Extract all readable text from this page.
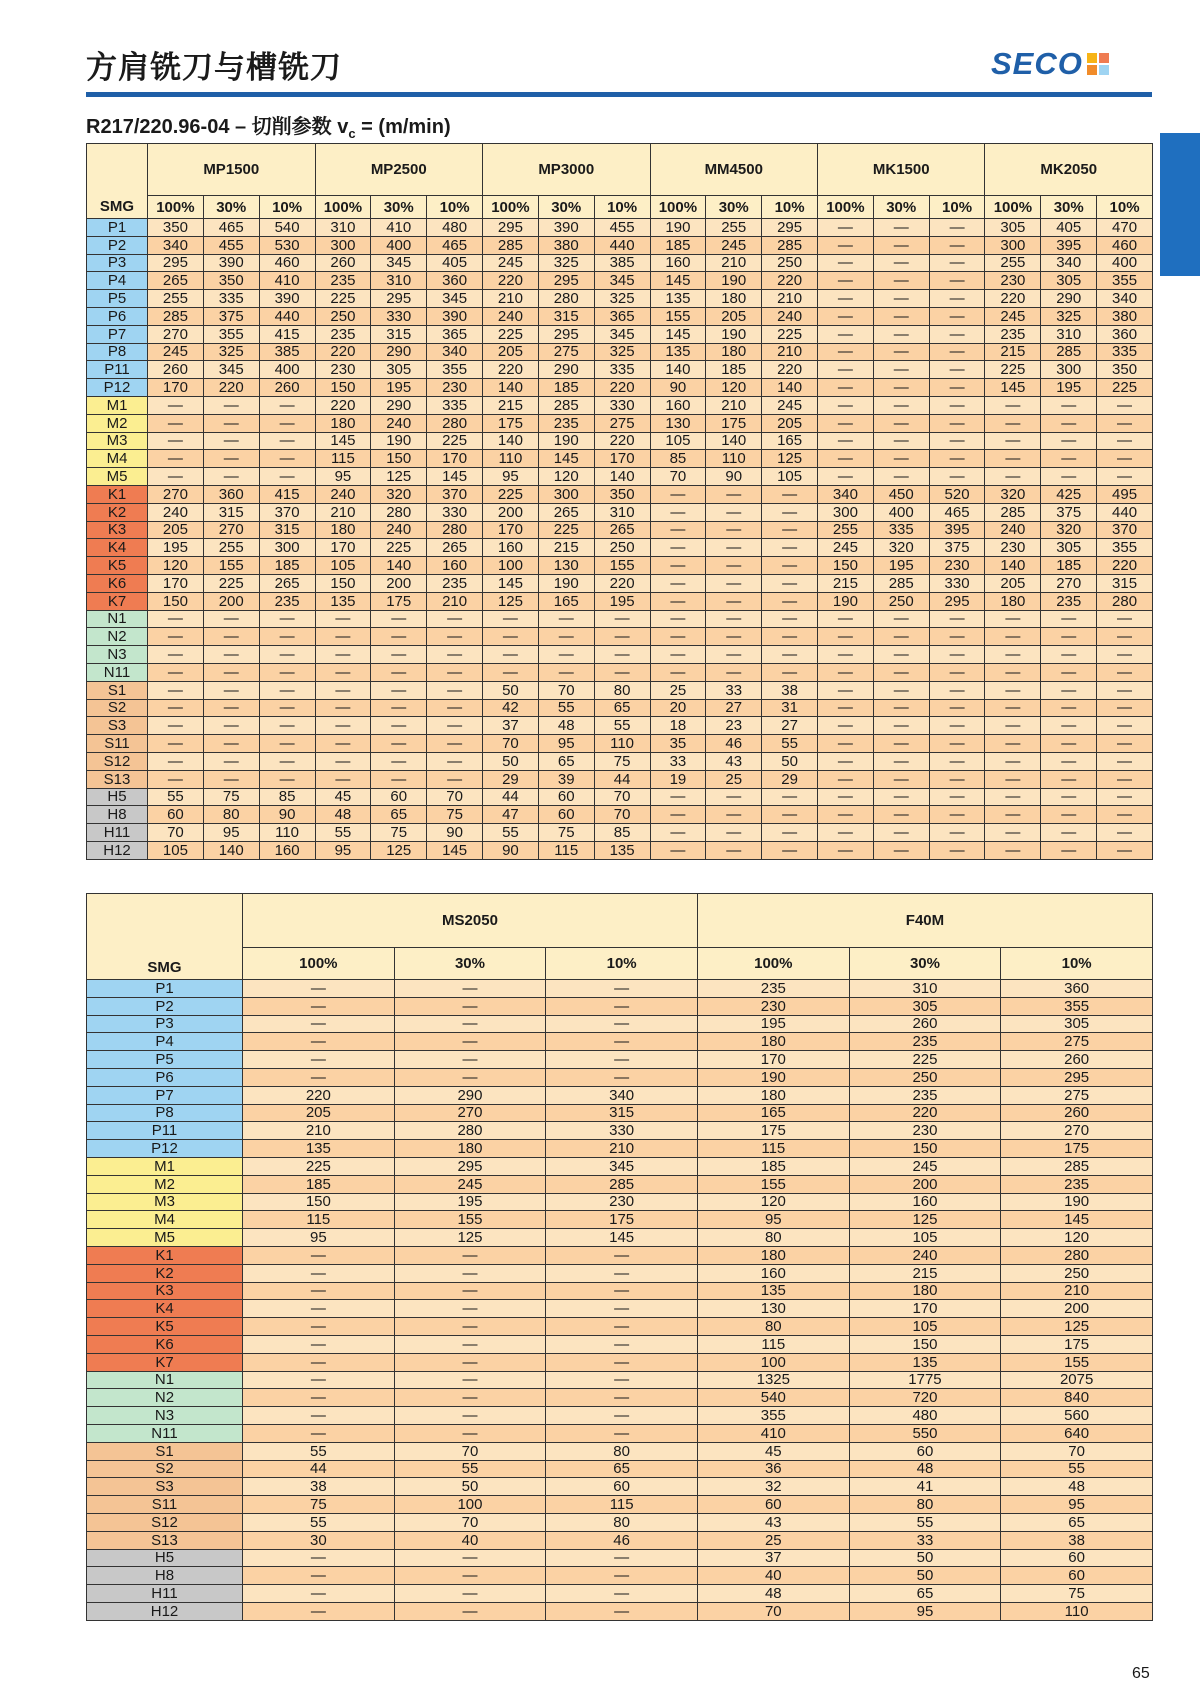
方肩铣刀与槽铣刀	SECO
R217/220.96-04 – 切削参数 $v_c = (m/\min)$
SMG	MP1500			MP2500			MP3000			MM4500			MK1500			MK2050		
	100%	30%	10%	100%	30%	10%	100%	30%	10%	100%	30%	10%	100%	30%	10%	100%	30%	10%
P1	350	465	540	310	410	480	295	390	455	190	255	295	—	—	—	305	405	470
P2	340	455	530	300	400	465	285	380	440	185	245	285	—	—	—	300	395	460
P3	295	390	460	260	345	405	245	325	385	160	210	250	—	—	—	255	340	400
P4	265	350	410	235	310	360	220	295	345	145	190	220	—	—	—	230	305	355
P5	255	335	390	225	295	345	210	280	325	135	180	210	—	—	—	220	290	340
P6	285	375	440	250	330	390	240	315	365	155	205	240	—	—	—	245	325	380
P7	270	355	415	235	315	365	225	295	345	145	190	225	—	—	—	235	310	360
P8	245	325	385	220	290	340	205	275	325	135	180	210	—	—	—	215	285	335
P11	260	345	400	230	305	355	220	290	335	140	185	220	—	—	—	225	300	350
P12	170	220	260	150	195	230	140	185	220	90	120	140	—	—	—	145	195	225
M1	—	—	—	220	290	335	215	285	330	160	210	245	—	—	—	—	—	—
M2	—	—	—	180	240	280	175	235	275	130	175	205	—	—	—	—	—	—
M3	—	—	—	145	190	225	140	190	220	105	140	165	—	—	—	—	—	—
M4	—	—	—	115	150	170	110	145	170	85	110	125	—	—	—	—	—	—
M5	—	—	—	95	125	145	95	120	140	70	90	105	—	—	—	—	—	—
K1	270	360	415	240	320	370	225	300	350	—	—	—	340	450	520	320	425	495
K2	240	315	370	210	280	330	200	265	310	—	—	—	300	400	465	285	375	440
K3	205	270	315	180	240	280	170	225	265	—	—	—	255	335	395	240	320	370
K4	195	255	300	170	225	265	160	215	250	—	—	—	245	320	375	230	305	355
K5	120	155	185	105	140	160	100	130	155	—	—	—	150	195	230	140	185	220
K6	170	225	265	150	200	235	145	190	220	—	—	—	215	285	330	205	270	315
K7	150	200	235	135	175	210	125	165	195	—	—	—	190	250	295	180	235	280
N1	—	—	—	—	—	—	—	—	—	—	—	—	—	—	—	—	—	—
N2	—	—	—	—	—	—	—	—	—	—	—	—	—	—	—	—	—	—
N3	—	—	—	—	—	—	—	—	—	—	—	—	—	—	—	—	—	—
N11	—	—	—	—	—	—	—	—	—	—	—	—	—	—	—	—	—	—
S1	—	—	—	—	—	—	50	70	80	25	33	38	—	—	—	—	—	—
S2	—	—	—	—	—	—	42	55	65	20	27	31	—	—	—	—	—	—
S3	—	—	—	—	—	—	37	48	55	18	23	27	—	—	—	—	—	—
S11	—	—	—	—	—	—	70	95	110	35	46	55	—	—	—	—	—	—
S12	—	—	—	—	—	—	50	65	75	33	43	50	—	—	—	—	—	—
S13	—	—	—	—	—	—	29	39	44	19	25	29	—	—	—	—	—	—
H5	55	75	85	45	60	70	44	60	70	—	—	—	—	—	—	—	—	—
H8	60	80	90	48	65	75	47	60	70	—	—	—	—	—	—	—	—	—
H11	70	95	110	55	75	90	55	75	85	—	—	—	—	—	—	—	—	—
H12	105	140	160	95	125	145	90	115	135	—	—	—	—	—	—	—	—	—
SMG	MS2050			F40M		
	100%	30%	10%	100%	30%	10%
P1	—	—	—	235	310	360
P2	—	—	—	230	305	355
P3	—	—	—	195	260	305
P4	—	—	—	180	235	275
P5	—	—	—	170	225	260
P6	—	—	—	190	250	295
P7	220	290	340	180	235	275
P8	205	270	315	165	220	260
P11	210	280	330	175	230	270
P12	135	180	210	115	150	175
M1	225	295	345	185	245	285
M2	185	245	285	155	200	235
M3	150	195	230	120	160	190
M4	115	155	175	95	125	145
M5	95	125	145	80	105	120
K1	—	—	—	180	240	280
K2	—	—	—	160	215	250
K3	—	—	—	135	180	210
K4	—	—	—	130	170	200
K5	—	—	—	80	105	125
K6	—	—	—	115	150	175
K7	—	—	—	100	135	155
N1	—	—	—	1325	1775	2075
N2	—	—	—	540	720	840
N3	—	—	—	355	480	560
N11	—	—	—	410	550	640
S1	55	70	80	45	60	70
S2	44	55	65	36	48	55
S3	38	50	60	32	41	48
S11	75	100	115	60	80	95
S12	55	70	80	43	55	65
S13	30	40	46	25	33	38
H5	—	—	—	37	50	60
H8	—	—	—	40	50	60
H11	—	—	—	48	65	75
H12	—	—	—	70	95	110
65
